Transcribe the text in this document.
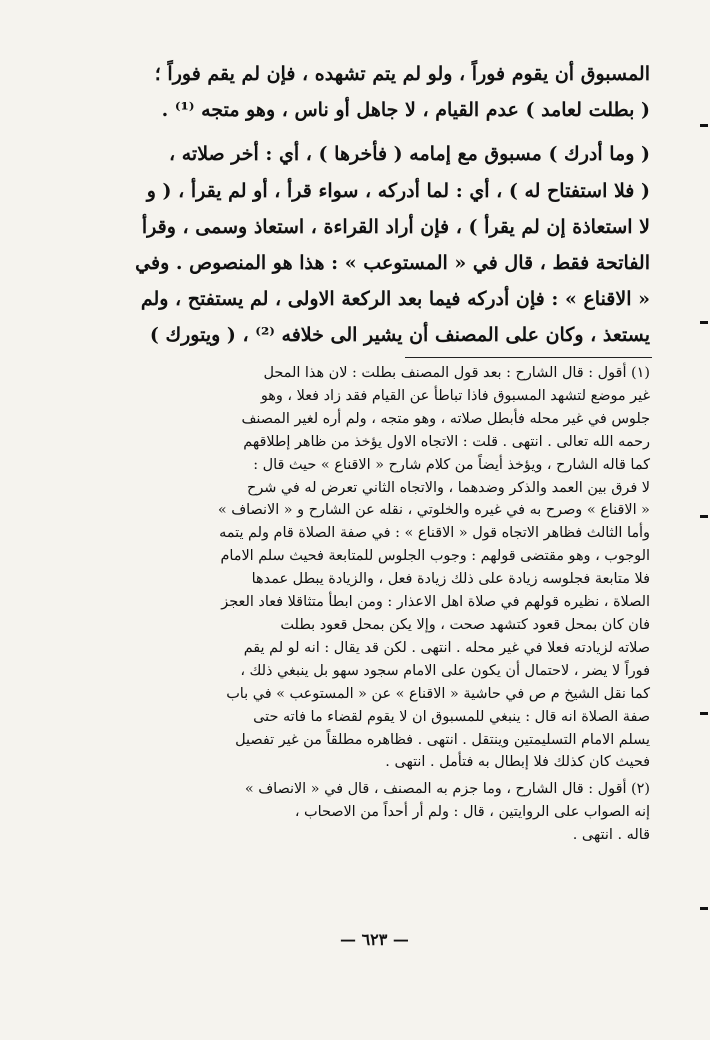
المسبوق أن يقوم فوراً ، ولو لم يتم تشهده ، فإن لم يقم فوراً ؛

( بطلت لعامد ) عدم القيام ، لا جاهل أو ناس ، وهو متجه ⁽¹⁾ .

( وما أدرك ) مسبوق مع إمامه ( فأخرها ) ، أي : أخر صلاته ،

( فلا استفتاح له ) ، أي : لما أدركه ، سواء قرأ ، أو لم يقرأ ، ( و

لا استعاذة إن لم يقرأ ) ، فإن أراد القراءة ، استعاذ وسمى ، وقرأ

الفاتحة فقط ، قال في « المستوعب » : هذا هو المنصوص . وفي

« الاقناع » : فإن أدركه فيما بعد الركعة الاولى ، لم يستفتح ، ولم

يستعذ ، وكان على المصنف أن يشير الى خلافه ⁽²⁾ ، ( ويتورك )

(١) أقول : قال الشارح : بعد قول المصنف بطلت : لان هذا المحل

غير موضع لتشهد المسبوق فاذا تباطأ عن القيام فقد زاد فعلا ، وهو

جلوس في غير محله فأبطل صلاته ، وهو متجه ، ولم أره لغير المصنف

رحمه الله تعالى . انتهى . قلت : الاتجاه الاول يؤخذ من ظاهر إطلاقهم

كما قاله الشارح ، ويؤخذ أيضاً من كلام شارح « الاقناع » حيث قال :

لا فرق بين العمد والذكر وضدهما ، والاتجاه الثاني تعرض له في شرح

« الاقناع » وصرح به في غيره والخلوتي ، نقله عن الشارح و « الانصاف »

وأما الثالث فظاهر الاتجاه قول « الاقناع » : في صفة الصلاة قام ولم يتمه

الوجوب ، وهو مقتضى قولهم : وجوب الجلوس للمتابعة فحيث سلم الامام

فلا متابعة فجلوسه زيادة على ذلك زيادة فعل ، والزيادة يبطل عمدها

الصلاة ، نظيره قولهم في صلاة اهل الاعذار : ومن ابطأ متثاقلا فعاد العجز

فان كان بمحل قعود كتشهد صحت ، وإلا يكن بمحل قعود بطلت

صلاته لزيادته فعلا في غير محله . انتهى . لكن قد يقال : انه لو لم يقم

فوراً لا يضر ، لاحتمال أن يكون على الامام سجود سهو بل ينبغي ذلك ،

كما نقل الشيخ م ص في حاشية « الاقناع » عن « المستوعب » في باب

صفة الصلاة انه قال : ينبغي للمسبوق ان لا يقوم لقضاء ما فاته حتى

يسلم الامام التسليمتين وينتقل . انتهى . فظاهره مطلقاً من غير تفصيل

فحيث كان كذلك فلا إبطال به فتأمل . انتهى .

(٢) أقول : قال الشارح ، وما جزم به المصنف ، قال في « الانصاف »

إنه الصواب على الروايتين ، قال : ولم أر أحداً من الاصحاب ،

قاله . انتهى .

— ٦٢٣ —
